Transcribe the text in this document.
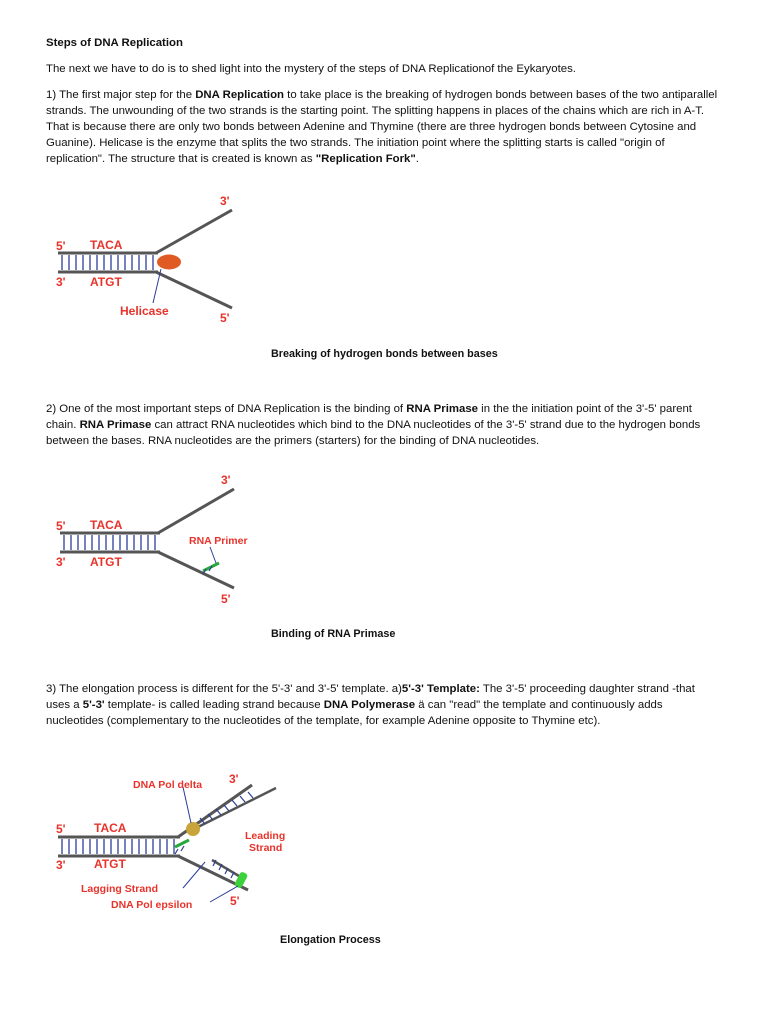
Steps of DNA Replication

The next we have to do is to shed light into the mystery of the steps of DNA Replicationof the Eykaryotes.

1) The first major step for the DNA Replication to take place is the breaking of hydrogen bonds between bases of the two antiparallel strands. The unwounding of the two strands is the starting point. The splitting happens in places of the chains which are rich in A-T. That is because there are only two bonds between Adenine and Thymine (there are three hydrogen bonds between Cytosine and Guanine). Helicase is the enzyme that splits the two strands. The initiation point where the splitting starts is called "origin of replication". The structure that is created is known as "Replication Fork".

3'
5'
3'
TACA
ATGT
Helicase	5'

Breaking of hydrogen bonds between bases

2) One of the most important steps of DNA Replication is the binding of RNA Primase in the the initiation point of the 3'-5' parent chain. RNA Primase can attract RNA nucleotides which bind to the DNA nucleotides of the 3'-5' strand due to the hydrogen bonds between the bases. RNA nucleotides are the primers (starters) for the binding of DNA nucleotides.

3'
5'
3'
TACA
ATGT
RNA Primer
5'

Binding of RNA Primase

3) The elongation process is different for the 5'-3' and 3'-5' template. a)5'-3' Template: The 3'-5' proceeding daughter strand -that uses a 5'-3' template- is called leading strand because DNA Polymerase ä can "read" the template and continuously adds nucleotides (complementary to the nucleotides of the template, for example Adenine opposite to Thymine etc).

DNA Pol delta 3'
Leading
Strand
5'
3'
TACA
ATGT
Lagging Strand
DNA Pol epsilon	5'

Elongation Process
